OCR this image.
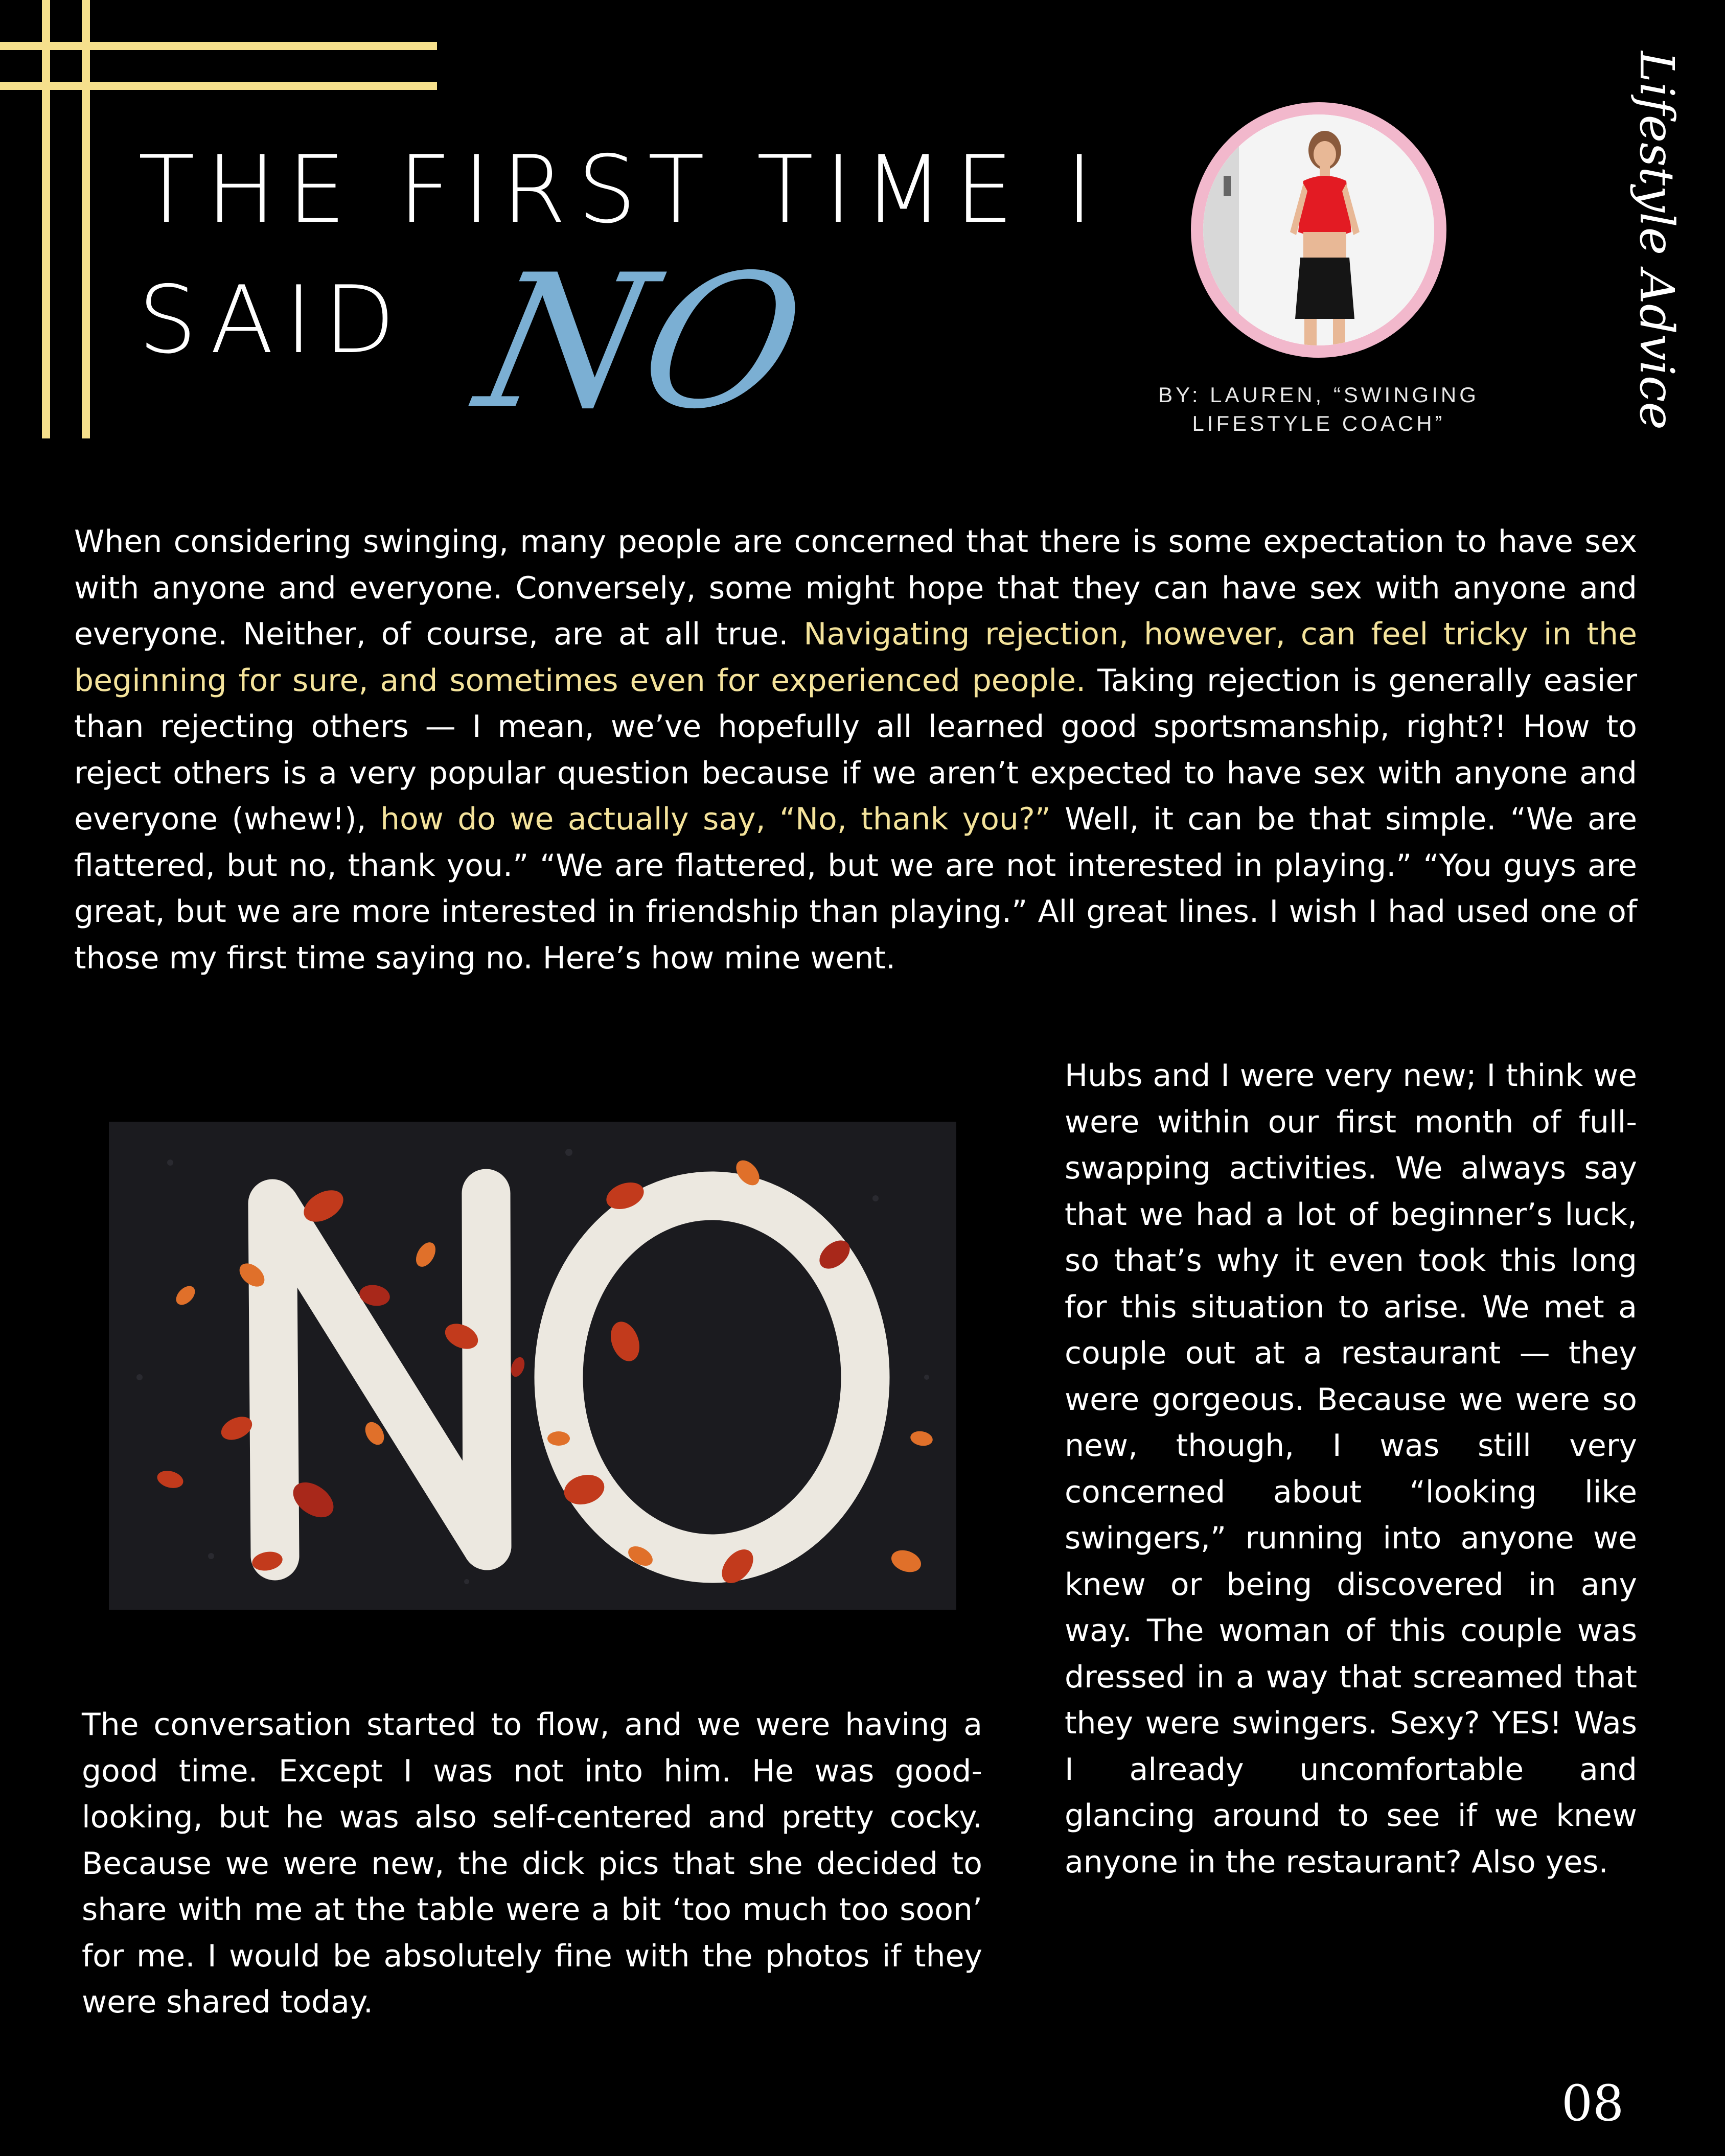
THE FIRST TIME I
SAID NO	BY: LAUREN, “SWINGING
LIFESTYLE COACH”	Lifestyle Advice

When considering swinging, many people are concerned that there is some expectation to have sex with anyone and everyone. Conversely, some might hope that they can have sex with anyone and everyone. Neither, of course, are at all true. Navigating rejection, however, can feel tricky in the beginning for sure, and sometimes even for experienced people. Taking rejection is generally easier than rejecting others — I mean, we’ve hopefully all learned good sportsmanship, right?! How to reject others is a very popular question because if we aren’t expected to have sex with anyone and everyone (whew!), how do we actually say, “No, thank you?” Well, it can be that simple. “We are flattered, but no, thank you.” “We are flattered, but we are not interested in playing.” “You guys are great, but we are more interested in friendship than playing.” All great lines. I wish I had used one of those my first time saying no. Here’s how mine went.

Hubs and I were very new; I think we were within our first month of full-swapping activities. We always say that we had a lot of beginner’s luck, so that’s why it even took this long for this situation to arise. We met a couple out at a restaurant — they were gorgeous. Because we were so new, though, I was still very concerned about “looking like swingers,” running into anyone we knew or being discovered in any way. The woman of this couple was dressed in a way that screamed that they were swingers. Sexy? YES! Was I already uncomfortable and glancing around to see if we knew anyone in the restaurant? Also yes.

The conversation started to flow, and we were having a good time. Except I was not into him. He was good-looking, but he was also self-centered and pretty cocky. Because we were new, the dick pics that she decided to share with me at the table were a bit ‘too much too soon’ for me. I would be absolutely fine with the photos if they were shared today.

08
